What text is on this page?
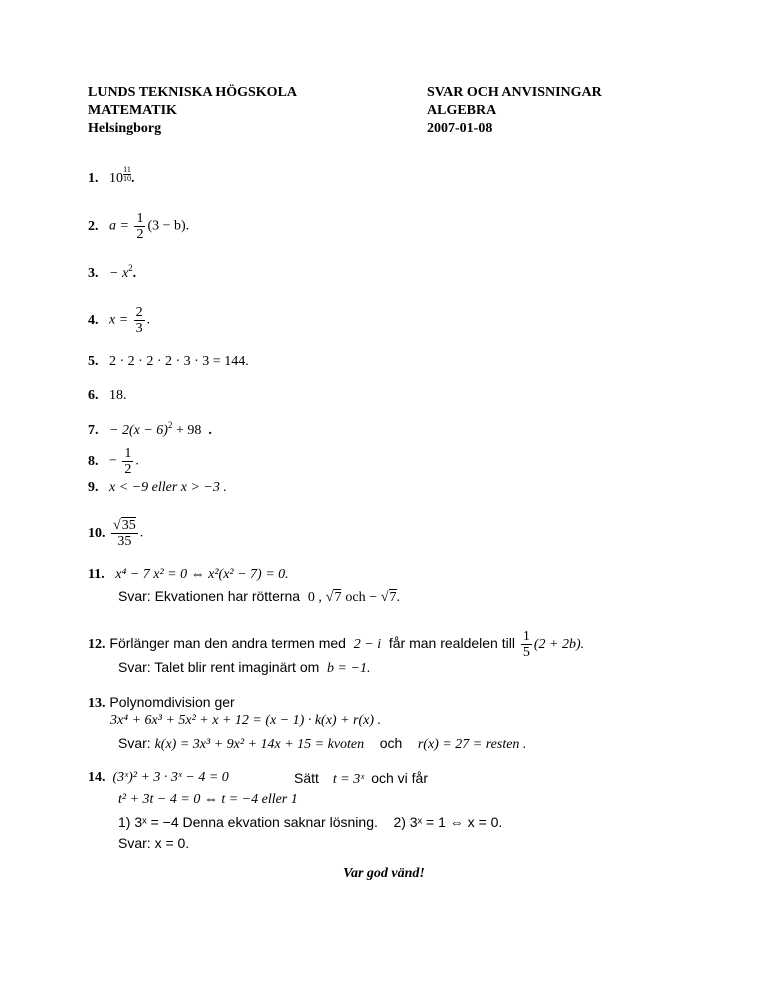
LUNDS TEKNISKA HÖGSKOLA
MATEMATIK
Helsingborg
SVAR OCH ANVISNINGAR
ALGEBRA
2007-01-08
1. $10 \frac{11}{10}$ .
2. $a = \frac{1}{2} (3 - b)$.
3. − $x^2$.
4. $x = \frac{2}{3}$ .
5. 2 · 2 · 2 · 2 · 3 · 3 = 144.
6. 18.
7. − $2(x - 6)^2 + 98$ .
8. − $\frac{1}{2}$ .
9. x < −9 eller x > −3 .
10. $\frac{√35}{35}$ .
11. x⁴ − 7 x² = 0 ⇔ x²(x² − 7) = 0.
Svar: Ekvationen har rötterna 0 , √7 och − √7.
12. Förlänger man den andra termen med 2 − i får man realdelen till $\frac{1}{5} (2 + 2b)$.
Svar: Talet blir rent imaginärt om b = −1.
13. Polynomdivision ger
3x⁴ + 6x³ + 5x² + x + 12 = (x − 1) · k(x) + r(x) .
Svar: k(x) = 3x³ + 9x² + 14x + 15 = kvoten och r(x) = 27 = resten .
14. (3ˣ)² + 3 · 3ˣ − 4 = 0	Sätt t = 3ˣ och vi får
t² + 3t − 4 = 0 ⇔ t = −4 eller 1
1) 3ˣ = −4 Denna ekvation saknar lösning. 2) 3ˣ = 1 ⇔ x = 0.
Svar: x = 0.
Var god vänd!
